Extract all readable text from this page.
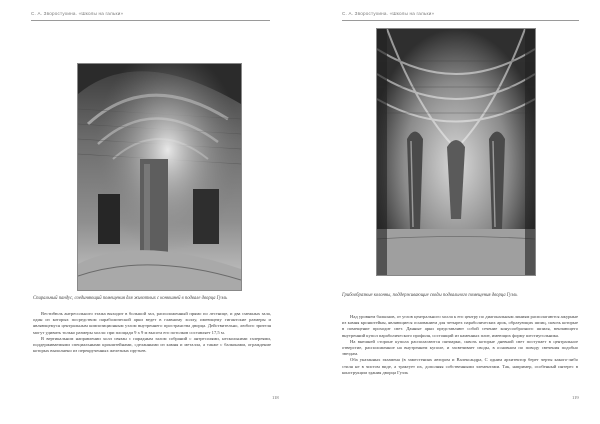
С. А. Зворостухина. «Школы на гальки»
Спиральный пандус, соединяющий помещения для животных с конюшней в подвале дворца Гуэль

Вестибюль антресольного этажа выходит в большой зал, расположенный прямо по лестнице, и два смежных зала, один из которых посредством параболической арки ведет в главному холлу, имеющему гигантские размеры и являющемуся центральным композиционным узлом внутреннего пространства дворца. Действительно, любого зрителя могут удивить только размеры холла: при площади 9 x 9 м высота его потолков составляет 17,5 м.

В вертикальном направлении холл связан с парадным залом собраний с антресолями, несколькими галереями, поддерживаемыми специальными кронштейнами, сделанными из камня и металла, а также с балконами, ограждение которых выполнено из перекрученных железных прутьев.

118
С. А. Зворостухина. «Школы на гальки»
Грибообразные колонны, поддерживающие своды подвального помещения дворца Гуэль

Над уровнем балконов, от углов центрального холла к его центру по диагональным линиям располагаются ажурные из камня кронштейны, являющиеся основанием для четырех параболических арок, образующих шпиц, сквозь которые в помещение проходит свет. Данные арки представляют собой сечение конусообразного шпиля, венчающего внутренний купол параболического профиля, состоящий из каменных плит, имеющих форму шестиугольника.

На внешней стороне купола располагаются пятиарки, сквозь которые дневной свет поступает в центральное отверстие, расположенное на внутреннем куполе, и засвечивает своды, в основном по поводу свечения подобно звездам.

Оба указанных экзамена (в заместениях автором и Валександра, С одним архитектор берет черты какого-либо стиля не в чистом виде, а трактует их, дополняя собственными элементами. Так, например, особенный интерес в конструкции здания дворца Гуэль

119
